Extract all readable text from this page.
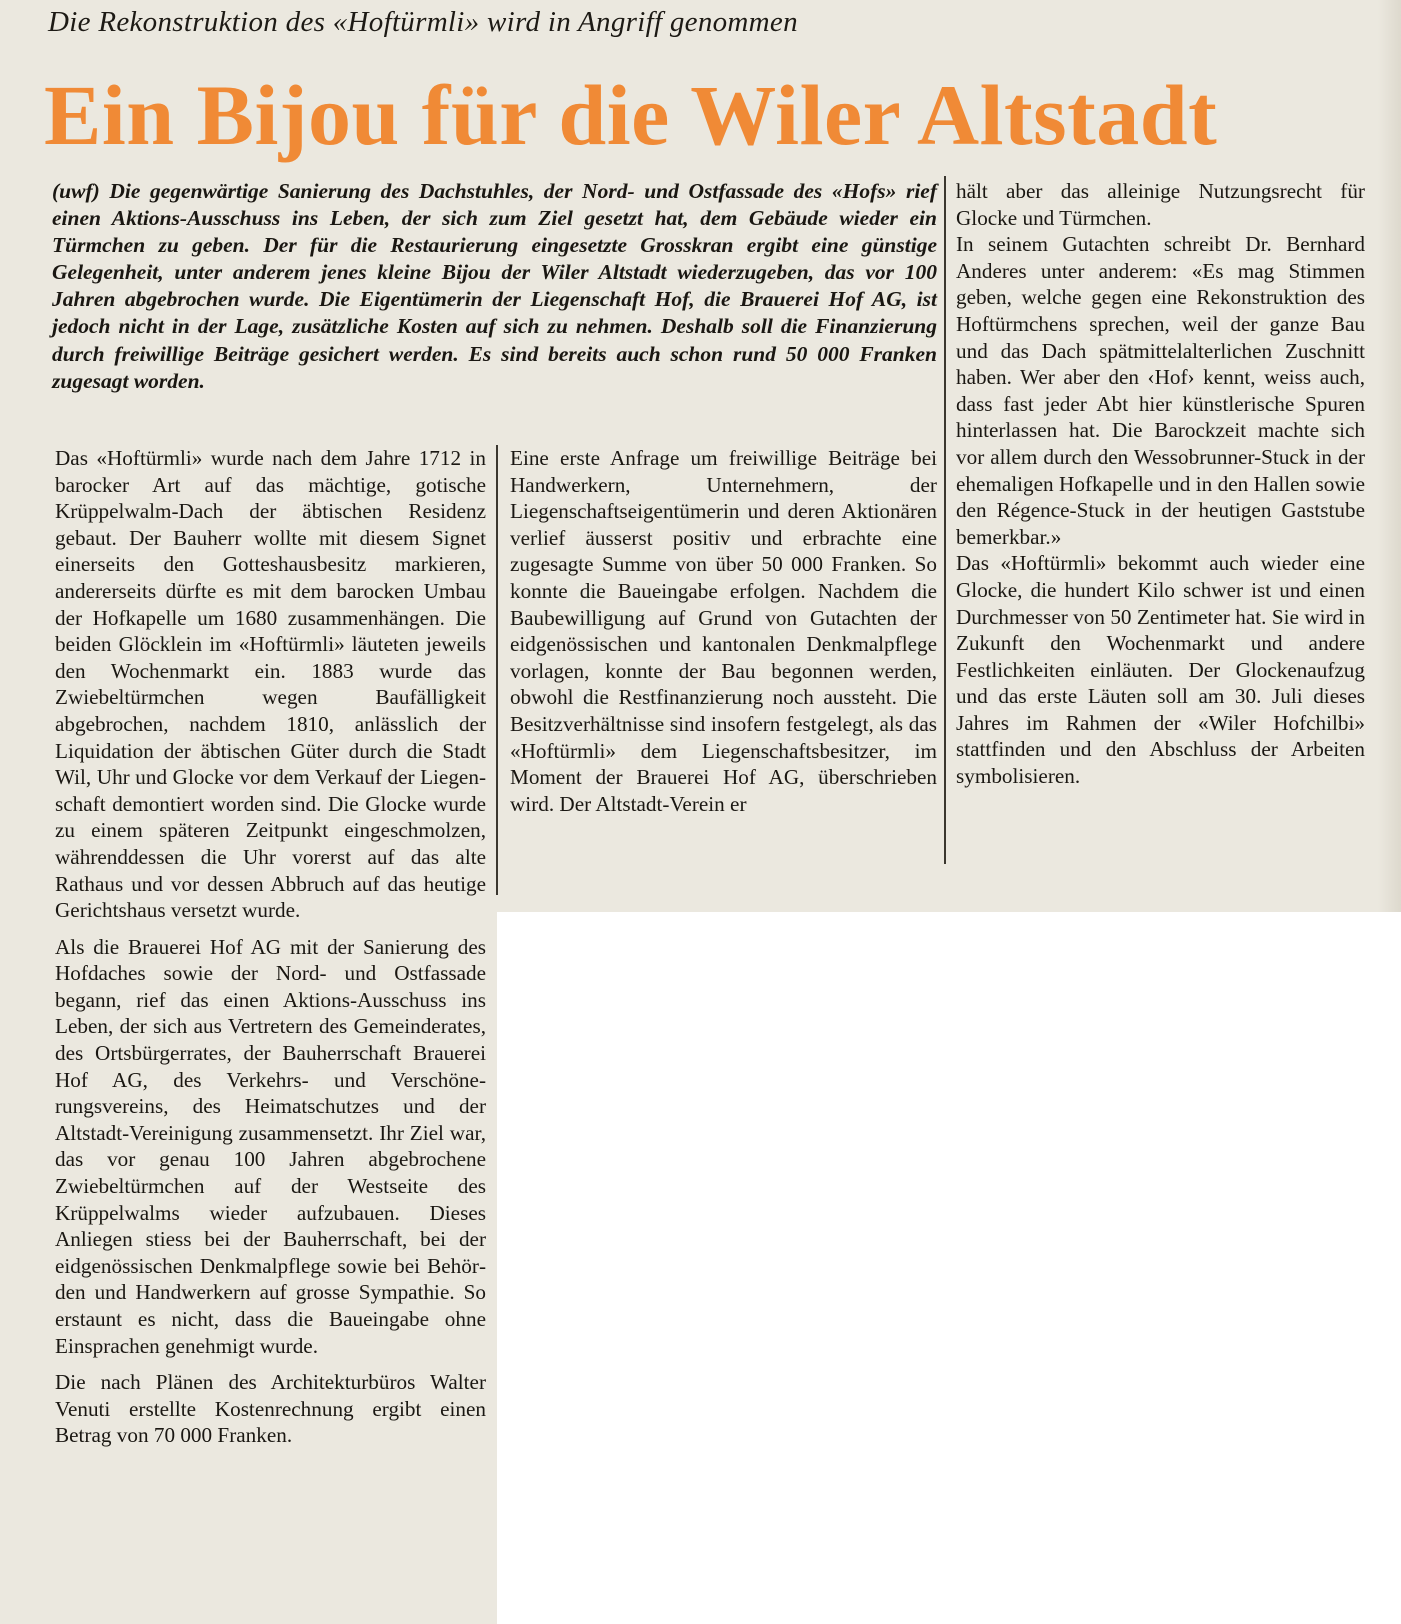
Die Rekonstruktion des «Hoftürmli» wird in Angriff genommen
Ein Bijou für die Wiler Altstadt
(uwf) Die gegenwärtige Sanierung des Dachstuhles, der Nord- und Ostfassade des «Hofs» rief einen Aktions-Ausschuss ins Leben, der sich zum Ziel gesetzt hat, dem Gebäude wieder ein Türmchen zu geben. Der für die Restaurierung eingesetzte Grosskran ergibt eine günstige Gelegenheit, unter anderem jenes kleine Bijou der Wiler Altstadt wiederzugeben, das vor 100 Jahren abgebrochen wurde. Die Eigentümerin der Liegenschaft Hof, die Brauerei Hof AG, ist jedoch nicht in der Lage, zusätzliche Kosten auf sich zu nehmen. Deshalb soll die Finanzierung durch freiwillige Beiträge gesichert werden. Es sind bereits auch schon rund 50 000 Franken zugesagt worden.

Das «Hoftürmli» wurde nach dem Jahre 1712 in barocker Art auf das mächtige, gotische Krüppelwalm-Dach der äbtischen Residenz gebaut. Der Bauherr wollte mit diesem Signet einerseits den Gotteshausbesitz markieren, andererseits dürfte es mit dem barocken Umbau der Hofkapelle um 1680 zusammenhängen. Die beiden Glöcklein im «Hoftürmli» läuteten jeweils den Wochenmarkt ein. 1883 wurde das Zwiebeltürmchen wegen Baufälligkeit abgebrochen, nachdem 1810, anlässlich der Liquidation der äbtischen Güter durch die Stadt Wil, Uhr und Glocke vor dem Verkauf der Liegenschaft demontiert worden sind. Die Glocke wurde zu einem späteren Zeitpunkt eingeschmolzen, währenddessen die Uhr vorerst auf das alte Rathaus und vor dessen Abbruch auf das heutige Gerichtshaus versetzt wurde.

Als die Brauerei Hof AG mit der Sanierung des Hofdaches sowie der Nord- und Ostfassade begann, rief das einen Aktions-Ausschuss ins Leben, der sich aus Vertretern des Gemeinderates, des Ortsbürgerrates, der Bauherrschaft Brauerei Hof AG, des Verkehrs- und Verschönerungsvereins, des Heimatschutzes und der Altstadt-Vereinigung zusammensetzt. Ihr Ziel war, das vor genau 100 Jahren abgebrochene Zwiebeltürmchen auf der Westseite des Krüppelwalms wieder aufzubauen. Dieses Anliegen stiess bei der Bauherrschaft, bei der eidgenössischen Denkmalpflege sowie bei Behörden und Handwerkern auf grosse Sympathie. So erstaunt es nicht, dass die Baueingabe ohne Einsprachen genehmigt wurde.

Die nach Plänen des Architekturbüros Walter Venuti erstellte Kostenrechnung ergibt einen Betrag von 70 000 Franken.

Eine erste Anfrage um freiwillige Beiträge bei Handwerkern, Unternehmern, der Liegenschaftseigentümerin und deren Aktionären verlief äusserst positiv und erbrachte eine zugesagte Summe von über 50 000 Franken. So konnte die Baueingabe erfolgen. Nachdem die Baubewilligung auf Grund von Gutachten der eidgenössischen und kantonalen Denkmalpflege vorlagen, konnte der Bau begonnen werden, obwohl die Restfinanzierung noch aussteht. Die Besitzverhältnisse sind insofern festgelegt, als das «Hoftürmli» dem Liegenschaftsbesitzer, im Moment der Brauerei Hof AG, überschrieben wird. Der Altstadt-Verein er

hält aber das alleinige Nutzungsrecht für Glocke und Türmchen.

In seinem Gutachten schreibt Dr. Bernhard Anderes unter anderem: «Es mag Stimmen geben, welche gegen eine Rekonstruktion des Hoftürmchens sprechen, weil der ganze Bau und das Dach spätmittelalterlichen Zuschnitt haben. Wer aber den ‹Hof› kennt, weiss auch, dass fast jeder Abt hier künstlerische Spuren hinterlassen hat. Die Barockzeit machte sich vor allem durch den Wessobrunner-Stuck in der ehemaligen Hofkapelle und in den Hallen sowie den Régence-Stuck in der heutigen Gaststube bemerkbar.»

Das «Hoftürmli» bekommt auch wieder eine Glocke, die hundert Kilo schwer ist und einen Durchmesser von 50 Zentimeter hat. Sie wird in Zukunft den Wochenmarkt und andere Festlichkeiten einläuten. Der Glockenaufzug und das erste Läuten soll am 30. Juli dieses Jahres im Rahmen der «Wiler Hofchilbi» stattfinden und den Abschluss der Arbeiten symbolisieren.
